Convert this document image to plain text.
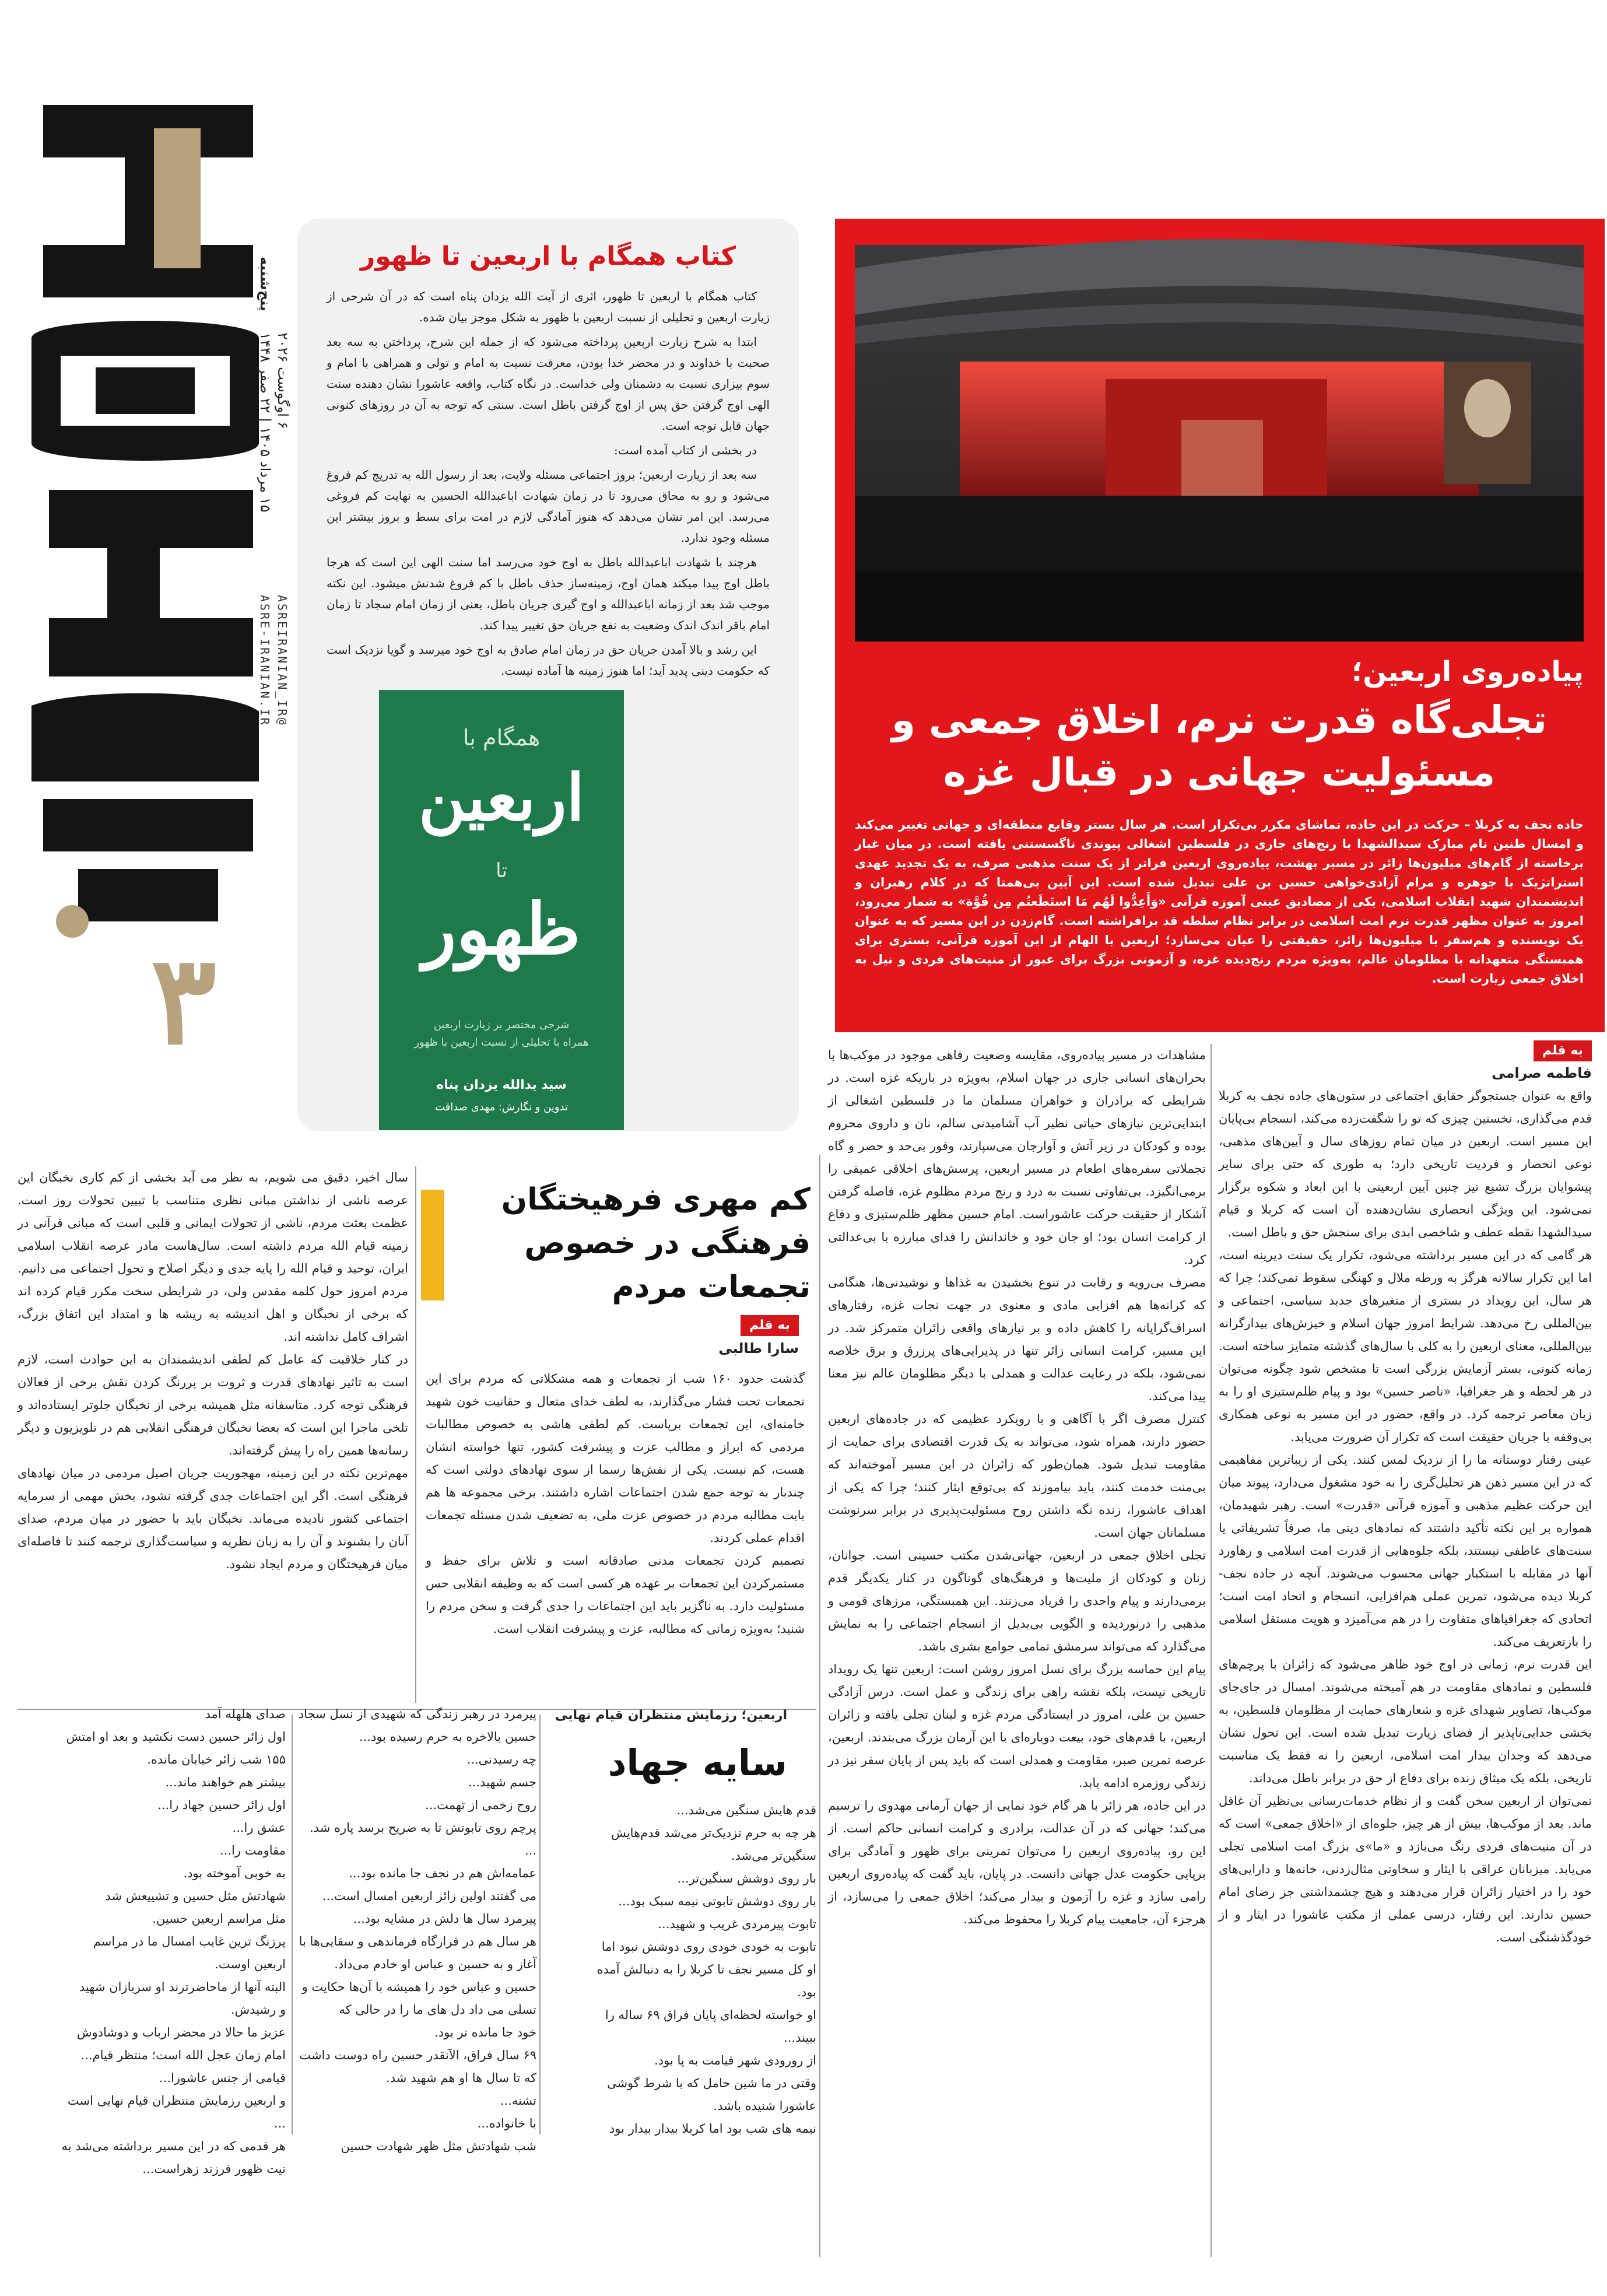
پنج‌شنبه
۱۵ مرداد ۱۴۰۵ | ۲۲ صفر ۱۴۴۸
۶ اوگوست ۲۰۲۶
ASRE-IRANIAN.IR @ASREIRANIAN_IR
۳
کتاب همگام با اربعین تا ظهور

کتاب همگام با اربعین تا ظهور، اثری از آیت الله یزدان پناه است که در آن شرحی از زیارت اربعین و تحلیلی از نسبت اربعین با ظهور به شکل موجز بیان شده.

ابتدا به شرح زیارت اربعین پرداخته می‌شود که از جمله این شرح، پرداختن به سه بعد صحبت با خداوند و در محضر خدا بودن، معرفت نسبت به امام و تولی و همراهی با امام و سوم بیزاری نسبت به دشمنان ولی خداست. در نگاه کتاب، واقعه عاشورا نشان دهنده سنت الهی اوج گرفتن حق پس از اوج گرفتن باطل است. سنتی که توجه به آن در روزهای کنونی جهان قابل توجه است.

در بخشی از کتاب آمده است:

سه بعد از زیارت اربعین؛ بروز اجتماعی مسئله ولایت، بعد از رسول الله به تدریج کم فروغ می‌شود و رو به محاق می‌رود تا در زمان شهادت اباعبدالله الحسین به نهایت کم فروغی می‌رسد. این امر نشان می‌دهد که هنوز آمادگی لازم در امت برای بسط و بروز بیشتر این مسئله وجود ندارد.

هرچند با شهادت اباعبدالله باطل به اوج خود می‌رسد اما سنت الهی این است که هرجا باطل اوج پیدا میکند همان اوج، زمینه‌ساز حذف باطل با کم فروغ شدنش میشود. این نکته موجب شد بعد از زمانه اباعبدالله و اوج گیری جریان باطل، یعنی از زمان امام سجاد تا زمان امام باقر اندک اندک وضعیت به نفع جریان حق تغییر پیدا کند.

این رشد و بالا آمدن جریان حق در زمان امام صادق به اوج خود میرسد و گویا نزدیک است که حکومت دینی پدید آید؛ اما هنوز زمینه ها آماده نیست.

همگام با
اربعین
تا
ظهور
شرحی مختصر بر زیارت اربعین
همراه با تحلیلی از نسبت اربعین با ظهور
سید یدالله یزدان پناه
تدوین و نگارش: مهدی صداقت
پیاده‌روی اربعین؛
تجلی‌گاه قدرت نرم، اخلاق جمعی و مسئولیت جهانی در قبال غزه
جاده نجف به کربلا – حرکت در این جاده، تماشای مکرر بی‌تکرار است. هر سال بستر وقایع منطقه‌ای و جهانی تغییر می‌کند و امسال طنین نام مبارک سیدالشهدا با رنج‌های جاری در فلسطین اشغالی پیوندی ناگسستنی یافته است. در میان غبار برخاسته از گام‌های میلیون‌ها زائر در مسیر بهشت، پیاده‌روی اربعین فراتر از یک سنت مذهبی صرف، به یک تجدید عهدی استراتژیک با جوهره و مرام آزادی‌خواهی حسین بن علی تبدیل شده است. این آیین بی‌همتا که در کلام رهبران و اندیشمندان شهید انقلاب اسلامی، یکی از مصادیق عینی آموزه قرآنی «وَأَعِدُّوا لَهُم مَا استَطَعتُم مِن قُوَّة» به شمار می‌رود، امروز به عنوان مظهر قدرت نرم امت اسلامی در برابر نظام سلطه قد برافراشته است. گام‌زدن در این مسیر که به عنوان یک نویسنده و هم‌سفر با میلیون‌ها زائر، حقیقتی را عیان می‌سازد؛ اربعین با الهام از این آموزه قرآنی، بستری برای همبستگی متعهدانه با مظلومان عالم، به‌ویژه مردم رنج‌دیده غزه، و آزمونی بزرگ برای عبور از منیت‌های فردی و نیل به اخلاق جمعی زیارت است.
به قلم
فاطمه صرامی
واقع به عنوان جستجوگر حقایق اجتماعی در ستون‌های جاده نجف به کربلا قدم می‌گذاری، نخستین چیزی که تو را شگفت‌زده می‌کند، انسجام بی‌پایان این مسیر است. اربعین در میان تمام روزهای سال و آیین‌های مذهبی، نوعی انحصار و فردیت تاریخی دارد؛ به طوری که حتی برای سایر پیشوایان بزرگ تشیع نیز چنین آیین اربعینی با این ابعاد و شکوه برگزار نمی‌شود. این ویژگی انحصاری نشان‌دهنده آن است که کربلا و قیام سیدالشهدا نقطه عطف و شاخصی ابدی برای سنجش حق و باطل است.
هر گامی که در این مسیر برداشته می‌شود، تکرار یک سنت دیرینه است، اما این تکرار سالانه هرگز به ورطه ملال و کهنگی سقوط نمی‌کند؛ چرا که هر سال، این رویداد در بستری از متغیرهای جدید سیاسی، اجتماعی و بین‌المللی رخ می‌دهد. شرایط امروز جهان اسلام و خیزش‌های بیدارگرانه بین‌المللی، معنای اربعین را به کلی با سال‌های گذشته متمایز ساخته است. زمانه کنونی، بستر آزمایش بزرگی است تا مشخص شود چگونه می‌توان در هر لحظه و هر جغرافیا، «ناصر حسین» بود و پیام ظلم‌ستیزی او را به زبان معاصر ترجمه کرد. در واقع، حضور در این مسیر به نوعی همکاری بی‌وقفه با جریان حقیقت است که تکرار آن ضرورت می‌یابد.
عینی رفتار دوستانه ما را از نزدیک لمس کنند. یکی از زیباترین مفاهیمی که در این مسیر ذهن هر تحلیل‌گری را به خود مشغول می‌دارد، پیوند میان این حرکت عظیم مذهبی و آموزه قرآنی «قدرت» است. رهبر شهیدمان، همواره بر این نکته تأکید داشتند که نمادهای دینی ما، صرفاً تشریفاتی یا سنت‌های عاطفی نیستند، بلکه جلوه‌هایی از قدرت امت اسلامی و رهاورد آنها در مقابله با استکبار جهانی محسوب می‌شوند. آنچه در جاده نجف-کربلا دیده می‌شود، تمرین عملی هم‌افزایی، انسجام و اتحاد امت است؛ اتحادی که جغرافیاهای متفاوت را در هم می‌آمیزد و هویت مستقل اسلامی را بازتعریف می‌کند.
این قدرت نرم، زمانی در اوج خود ظاهر می‌شود که زائران با پرچم‌های فلسطین و نمادهای مقاومت در هم آمیخته می‌شوند. امسال در جای‌جای موکب‌ها، تصاویر شهدای غزه و شعارهای حمایت از مظلومان فلسطین، به بخشی جدایی‌ناپذیر از فضای زیارت تبدیل شده است. این تحول نشان می‌دهد که وجدان بیدار امت اسلامی، اربعین را نه فقط یک مناسبت تاریخی، بلکه یک میثاق زنده برای دفاع از حق در برابر باطل می‌داند.
نمی‌توان از اربعین سخن گفت و از نظام خدمات‌رسانی بی‌نظیر آن غافل ماند. بعد از موکب‌ها، بیش از هر چیز، جلوه‌ای از «اخلاق جمعی» است که در آن منیت‌های فردی رنگ می‌بازد و «ما»ی بزرگ امت اسلامی تجلی می‌یابد. میزبانان عراقی با ایثار و سخاوتی مثال‌زدنی، خانه‌ها و دارایی‌های خود را در اختیار زائران قرار می‌دهند و هیچ چشمداشتی جز رضای امام حسین ندارند. این رفتار، درسی عملی از مکتب عاشورا در ایثار و از خودگذشتگی است.
مشاهدات در مسیر پیاده‌روی، مقایسه وضعیت رفاهی موجود در موکب‌ها با بحران‌های انسانی جاری در جهان اسلام، به‌ویژه در باریکه غزه است. در شرایطی که برادران و خواهران مسلمان ما در فلسطین اشغالی از ابتدایی‌ترین نیازهای حیاتی نظیر آب آشامیدنی سالم، نان و داروی محروم بوده و کودکان در زیر آتش و آوارجان می‌سپارند، وفور بی‌حد و حصر و گاه تجملاتی سفره‌های اطعام در مسیر اربعین، پرسش‌های اخلاقی عمیقی را برمی‌انگیزد. بی‌تفاوتی نسبت به درد و رنج مردم مظلوم غزه، فاصله گرفتن آشکار از حقیقت حرکت عاشوراست. امام حسین مظهر ظلم‌ستیزی و دفاع از کرامت انسان بود؛ او جان خود و خاندانش را فدای مبارزه با بی‌عدالتی کرد.
مصرف بی‌رویه و رقابت در تنوع بخشیدن به غذاها و نوشیدنی‌ها، هنگامی که کرانه‌ها هم افزایی مادی و معنوی در جهت نجات غزه، رفتارهای اسراف‌گرایانه را کاهش داده و بر نیازهای واقعی زائران متمرکز شد. در این مسیر، کرامت انسانی زائر تنها در پذیرایی‌های پرزرق و برق خلاصه نمی‌شود، بلکه در رعایت عدالت و همدلی با دیگر مظلومان عالم نیز معنا پیدا می‌کند.
کنترل مصرف اگر با آگاهی و با رویکرد عظیمی که در جاده‌های اربعین حضور دارند، همراه شود، می‌تواند به یک قدرت اقتصادی برای حمایت از مقاومت تبدیل شود. همان‌طور که زائران در این مسیر آموخته‌اند که بی‌منت خدمت کنند، باید بیاموزند که بی‌توقع ایثار کنند؛ چرا که یکی از اهداف عاشورا، زنده نگه داشتن روح مسئولیت‌پذیری در برابر سرنوشت مسلمانان جهان است.
تجلی اخلاق جمعی در اربعین، جهانی‌شدن مکتب حسینی است. جوانان، زنان و کودکان از ملیت‌ها و فرهنگ‌های گوناگون در کنار یکدیگر قدم برمی‌دارند و پیام واحدی را فریاد می‌زنند. این همبستگی، مرزهای قومی و مذهبی را درنوردیده و الگویی بی‌بدیل از انسجام اجتماعی را به نمایش می‌گذارد که می‌تواند سرمشق تمامی جوامع بشری باشد.
پیام این حماسه بزرگ برای نسل امروز روشن است: اربعین تنها یک رویداد تاریخی نیست، بلکه نقشه راهی برای زندگی و عمل است. درس آزادگی حسین بن علی، امروز در ایستادگی مردم غزه و لبنان تجلی یافته و زائران اربعین، با قدم‌های خود، بیعت دوباره‌ای با این آرمان بزرگ می‌بندند. اربعین، عرصه تمرین صبر، مقاومت و همدلی است که باید پس از پایان سفر نیز در زندگی روزمره ادامه یابد.
در این جاده، هر زائر با هر گام خود نمایی از جهان آرمانی مهدوی را ترسیم می‌کند؛ جهانی که در آن عدالت، برادری و کرامت انسانی حاکم است. از این رو، پیاده‌روی اربعین را می‌توان تمرینی برای ظهور و آمادگی برای برپایی حکومت عدل جهانی دانست. در پایان، باید گفت که پیاده‌روی اربعین رامی سازد و غزه را آزمون و بیدار می‌کند؛ اخلاق جمعی را می‌سازد، از هرجزء آن، جامعیت پیام کربلا را محفوظ می‌کند.
کم مهری فرهیختگان فرهنگی در خصوص تجمعات مردم
به قلم
سارا طالبی
گذشت حدود ۱۶۰ شب از تجمعات و همه مشکلاتی که مردم برای این تجمعات تحت فشار می‌گذارند، به لطف خدای متعال و حقانیت خون شهید خامنه‌ای، این تجمعات برپاست. کم لطفی هاشی به خصوص مطالبات مردمی که ابراز و مطالب عزت و پیشرفت کشور، تنها خواسته انشان هست، کم نیست. یکی از نقش‌ها رسما از سوی نهادهای دولتی است که چندبار به توجه جمع شدن اجتماعات اشاره داشتند. برخی مجموعه ها هم بابت مطالبه مردم در خصوص عزت ملی، به تضعیف شدن مسئله تجمعات اقدام عملی کردند.
تصمیم کردن تجمعات مدنی صادقانه است و تلاش برای حفظ و مستمرکردن این تجمعات بر عهده هر کسی است که به وظیفه انقلابی حس مسئولیت دارد. به ناگزیر باید این اجتماعات را جدی گرفت و سخن مردم را شنید؛ به‌ویژه زمانی که مطالبه، عزت و پیشرفت انقلاب است.
سال اخیر، دقیق می شویم، به نظر می آید بخشی از کم کاری نخبگان این عرصه ناشی از نداشتن مبانی نظری متناسب با تبیین تحولات روز است. عظمت بعثت مردم، ناشی از تحولات ایمانی و قلبی است که مبانی قرآنی در زمینه قیام الله مردم داشته است. سال‌هاست مادر عرصه انقلاب اسلامی ایران، توحید و قیام الله را پایه جدی و دیگر اصلاح و تحول اجتماعی می دانیم. مردم امروز حول کلمه مقدس ولی، در شرایطی سخت مکرر قیام کرده اند که برخی از نخبگان و اهل اندیشه به ریشه ها و امتداد این اتفاق بزرگ، اشراف کامل نداشته اند.
در کنار خلاقیت که عامل کم لطفی اندیشمندان به این حوادث است، لازم است به تاثیر نهادهای قدرت و ثروت بر پررنگ کردن نقش برخی از فعالان فرهنگی توجه کرد. متاسفانه مثل همیشه برخی از نخبگان جلوتر ایستاده‌اند و تلخی ماجرا این است که بعضا نخبگان فرهنگی انقلابی هم در تلویزیون و دیگر رسانه‌ها همین راه را پیش گرفته‌اند.
مهم‌ترین نکته در این زمینه، مهجوریت جریان اصیل مردمی در میان نهادهای فرهنگی است. اگر این اجتماعات جدی گرفته نشود، بخش مهمی از سرمایه اجتماعی کشور نادیده می‌ماند. نخبگان باید با حضور در میان مردم، صدای آنان را بشنوند و آن را به زبان نظریه و سیاست‌گذاری ترجمه کنند تا فاصله‌ای میان فرهیختگان و مردم ایجاد نشود.
اربعین؛ رزمایش منتظران قیام نهایی
سایه جهاد
قدم هایش سنگین می‌شد...
هر چه به حرم نزدیک‌تر می‌شد قدم‌هایش
سنگین‌تر می‌شد.
بار روی دوشش سنگین‌تر...
بار روی دوشش تابوتی نیمه سبک بود...
تابوت پیرمردی غریب و شهید...
تابوت به خودی خودی روی دوشش نبود اما
او کل مسیر نجف تا کربلا را به دنبالش آمده
بود.
او خواسته لحظه‌ای پایان فراق ۶۹ ساله را
ببیند...
از رورودی شهر قیامت به پا بود.
وقتی در ما شین حامل که با شرط گوشی
عاشورا شنیده باشد.
نیمه های شب بود اما کربلا بیدار بیدار بود
پیرمرد در رهبر زندگی که شهیدی از نسل سجاد
حسین بالاخره به حرم رسیده بود...
چه رسیدنی...
جسم شهید...
روح زخمی از تهمت...
پرچم روی تابوتش تا به ضریح برسد پاره شد.
...
عمامه‌اش هم در نجف جا مانده بود...
می گفتند اولین زائر اربعین امسال است...
پیرمرد سال ها دلش در مشایه بود...
هر سال هم در قرارگاه فرماندهی و سقایی‌ها با
آغاز و به حسین و عباس او خادم می‌داد.
حسین و عباس خود را همیشه با آن‌ها حکایت و
تسلی می داد دل های ما را در حالی که
خود جا مانده تر بود.
۶۹ سال فراق، الآنقدر حسین راه دوست داشت
که تا سال ها او هم شهید شد.
تشنه...
با خانواده...
شب شهادتش مثل ظهر شهادت حسین
صدای هلهله آمد
اول زائر حسین دست نکشید و بعد او امتش
۱۵۵ شب زائر خیابان مانده.
بیشتر هم خواهند ماند...
اول زائر حسین جهاد را...
عشق را...
مقاومت را...
به خوبی آموخته بود.
شهادتش مثل حسین و تشییعش شد
مثل مراسم اربعین حسین.
پرزنگ ترین غایب امسال ما در مراسم
اربعین اوست.
البته آنها از ماحاضرترند او سربازان شهید
و رشیدش.
عزیز ما حالا در محضر ارباب و دوشادوش
امام زمان عجل الله است؛ منتظر قیام...
قیامی از جنس عاشورا...
و اربعین رزمایش منتظران قیام نهایی است
...
هر قدمی که در این مسیر برداشته می‌شد به
نیت ظهور فرزند زهراست...
